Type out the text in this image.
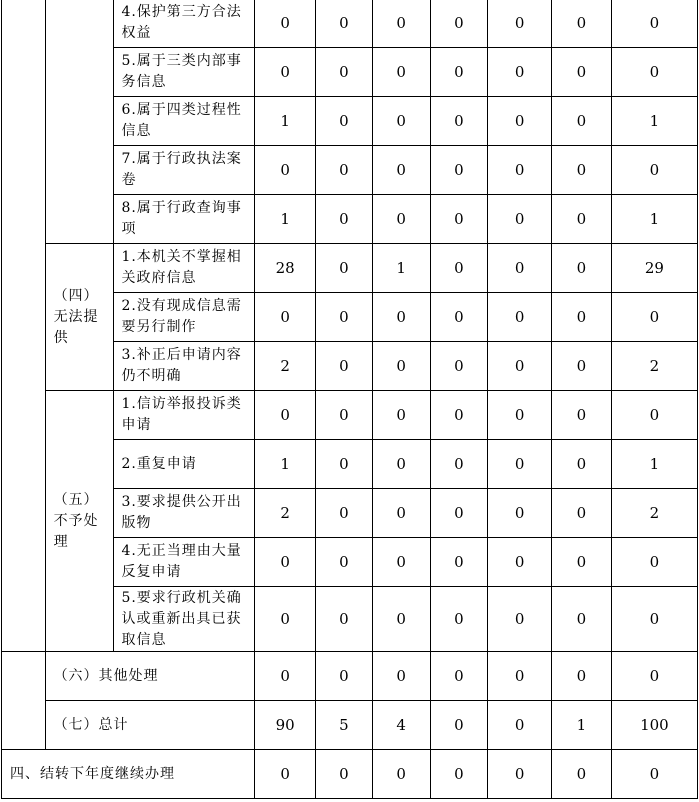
		4.保护第三方合法权益	0	0	0	0	0	0	0
		5.属于三类内部事务信息	0	0	0	0	0	0	0
		6.属于四类过程性信息	1	0	0	0	0	0	1
		7.属于行政执法案卷	0	0	0	0	0	0	0
		8.属于行政查询事项	1	0	0	0	0	0	1
	（四）无法提供	1.本机关不掌握相关政府信息	28	0	1	0	0	0	29
		2.没有现成信息需要另行制作	0	0	0	0	0	0	0
		3.补正后申请内容仍不明确	2	0	0	0	0	0	2
	（五）不予处理	1.信访举报投诉类申请	0	0	0	0	0	0	0
		2.重复申请	1	0	0	0	0	0	1
		3.要求提供公开出版物	2	0	0	0	0	0	2
		4.无正当理由大量反复申请	0	0	0	0	0	0	0
		5.要求行政机关确认或重新出具已获取信息	0	0	0	0	0	0	0
	（六）其他处理		0	0	0	0	0	0	0
	（七）总计		90	5	4	0	0	1	100
四、结转下年度继续办理			0	0	0	0	0	0	0
